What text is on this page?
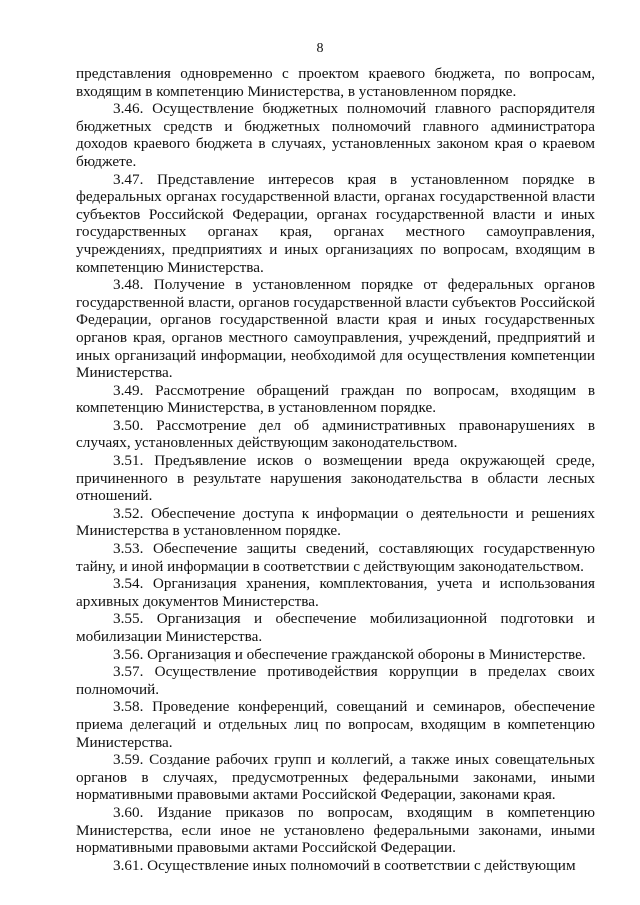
8

представления одновременно с проектом краевого бюджета, по вопросам, входящим в компетенцию Министерства, в установленном порядке.

3.46. Осуществление бюджетных полномочий главного распорядителя бюджетных средств и бюджетных полномочий главного администратора доходов краевого бюджета в случаях, установленных законом края о краевом бюджете.

3.47. Представление интересов края в установленном порядке в федеральных органах государственной власти, органах государственной власти субъектов Российской Федерации, органах государственной власти и иных государственных органах края, органах местного самоуправления, учреждениях, предприятиях и иных организациях по вопросам, входящим в компетенцию Министерства.

3.48. Получение в установленном порядке от федеральных органов государственной власти, органов государственной власти субъектов Российской Федерации, органов государственной власти края и иных государственных органов края, органов местного самоуправления, учреждений, предприятий и иных организаций информации, необходимой для осуществления компетенции Министерства.

3.49. Рассмотрение обращений граждан по вопросам, входящим в компетенцию Министерства, в установленном порядке.

3.50. Рассмотрение дел об административных правонарушениях в случаях, установленных действующим законодательством.

3.51. Предъявление исков о возмещении вреда окружающей среде, причиненного в результате нарушения законодательства в области лесных отношений.

3.52. Обеспечение доступа к информации о деятельности и решениях Министерства в установленном порядке.

3.53. Обеспечение защиты сведений, составляющих государственную тайну, и иной информации в соответствии с действующим законодательством.

3.54. Организация хранения, комплектования, учета и использования архивных документов Министерства.

3.55. Организация и обеспечение мобилизационной подготовки и мобилизации Министерства.

3.56. Организация и обеспечение гражданской обороны в Министерстве.

3.57. Осуществление противодействия коррупции в пределах своих полномочий.

3.58. Проведение конференций, совещаний и семинаров, обеспечение приема делегаций и отдельных лиц по вопросам, входящим в компетенцию Министерства.

3.59. Создание рабочих групп и коллегий, а также иных совещательных органов в случаях, предусмотренных федеральными законами, иными нормативными правовыми актами Российской Федерации, законами края.

3.60. Издание приказов по вопросам, входящим в компетенцию Министерства, если иное не установлено федеральными законами, иными нормативными правовыми актами Российской Федерации.

3.61. Осуществление иных полномочий в соответствии с действующим
